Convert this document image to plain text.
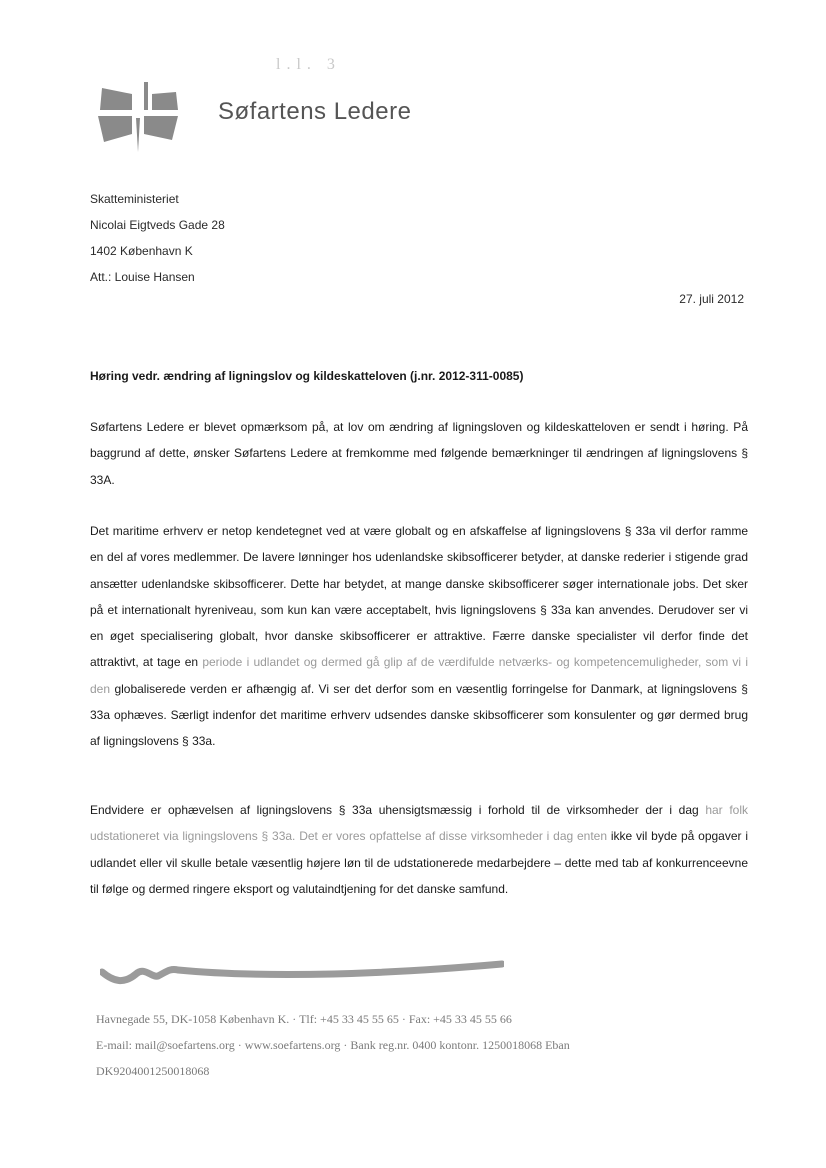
l.l. 3
Søfartens Ledere
Skatteministeriet
Nicolai Eigtveds Gade 28
1402 København K
Att.: Louise Hansen
27. juli 2012
Høring vedr. ændring af ligningslov og kildeskatteloven (j.nr. 2012-311-0085)
Søfartens Ledere er blevet opmærksom på, at lov om ændring af ligningsloven og kildeskatteloven er sendt i høring. På baggrund af dette, ønsker Søfartens Ledere at fremkomme med følgende bemærkninger til ændringen af ligningslovens § 33A.
Det maritime erhverv er netop kendetegnet ved at være globalt og en afskaffelse af ligningslovens § 33a vil derfor ramme en del af vores medlemmer. De lavere lønninger hos udenlandske skibsofficerer betyder, at danske rederier i stigende grad ansætter udenlandske skibsofficerer. Dette har betydet, at mange danske skibsofficerer søger internationale jobs. Det sker på et internationalt hyreniveau, som kun kan være acceptabelt, hvis ligningslovens § 33a kan anvendes. Derudover ser vi en øget specialisering globalt, hvor danske skibsofficerer er attraktive. Færre danske specialister vil derfor finde det attraktivt, at tage en periode i udlandet og dermed gå glip af de værdifulde netværks- og kompetencemuligheder, som vi i den globaliserede verden er afhængig af. Vi ser det derfor som en væsentlig forringelse for Danmark, at ligningslovens § 33a ophæves. Særligt indenfor det maritime erhverv udsendes danske skibsofficerer som konsulenter og gør dermed brug af ligningslovens § 33a.
Endvidere er ophævelsen af ligningslovens § 33a uhensigtsmæssig i forhold til de virksomheder der i dag har folk udstationeret via ligningslovens § 33a. Det er vores opfattelse af disse virksomheder i dag enten ikke vil byde på opgaver i udlandet eller vil skulle betale væsentlig højere løn til de udstationerede medarbejdere – dette med tab af konkurrenceevne til følge og dermed ringere eksport og valutaindtjening for det danske samfund.
Havnegade 55, DK-1058 København K. · Tlf: +45 33 45 55 65 · Fax: +45 33 45 55 66
E-mail: mail@soefartens.org · www.soefartens.org · Bank reg.nr. 0400 kontonr. 1250018068 Eban
DK9204001250018068
